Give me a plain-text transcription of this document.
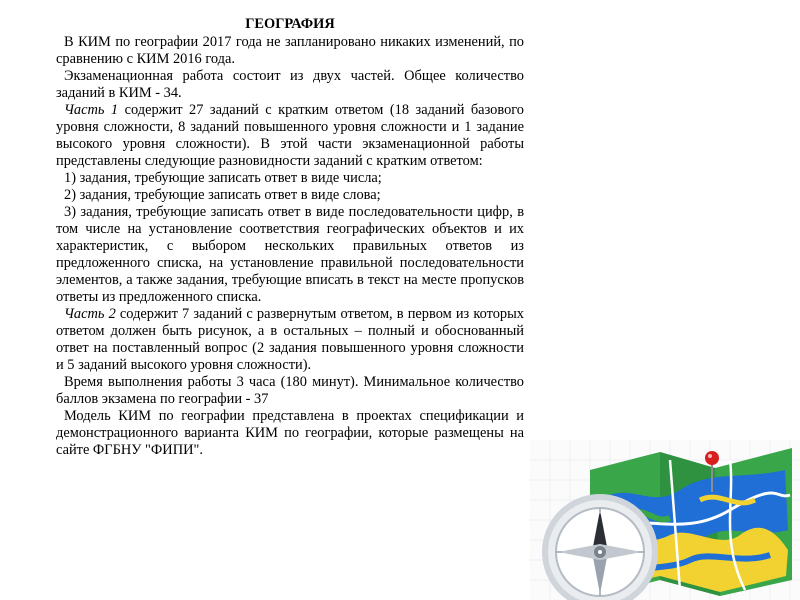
ГЕОГРАФИЯ

В КИМ по географии 2017 года не запланировано никаких изменений, по сравнению с КИМ 2016 года.

Экзаменационная работа состоит из двух частей. Общее количество заданий в КИМ - 34.

Часть 1 содержит 27 заданий с кратким ответом (18 заданий базового уровня сложности, 8 заданий повышенного уровня сложности и 1 задание высокого уровня сложности). В этой части экзаменационной работы представлены следующие разновидности заданий с кратким ответом:

1) задания, требующие записать ответ в виде числа;

2) задания, требующие записать ответ в виде слова;

3) задания, требующие записать ответ в виде последовательности цифр, в том числе на установление соответствия географических объектов и их характеристик, с выбором нескольких правильных ответов из предложенного списка, на установление правильной последовательности элементов, а также задания, требующие вписать в текст на месте пропусков ответы из предложенного списка.

Часть 2 содержит 7 заданий с развернутым ответом, в первом из которых ответом должен быть рисунок, а в остальных – полный и обоснованный ответ на поставленный вопрос (2 задания повышенного уровня сложности и 5 заданий высокого уровня сложности).

Время выполнения работы 3 часа (180 минут). Минимальное количество баллов экзамена по географии - 37

Модель КИМ по географии представлена в проектах спецификации и демонстрационного варианта КИМ по географии, которые размещены на сайте ФГБНУ "ФИПИ".
